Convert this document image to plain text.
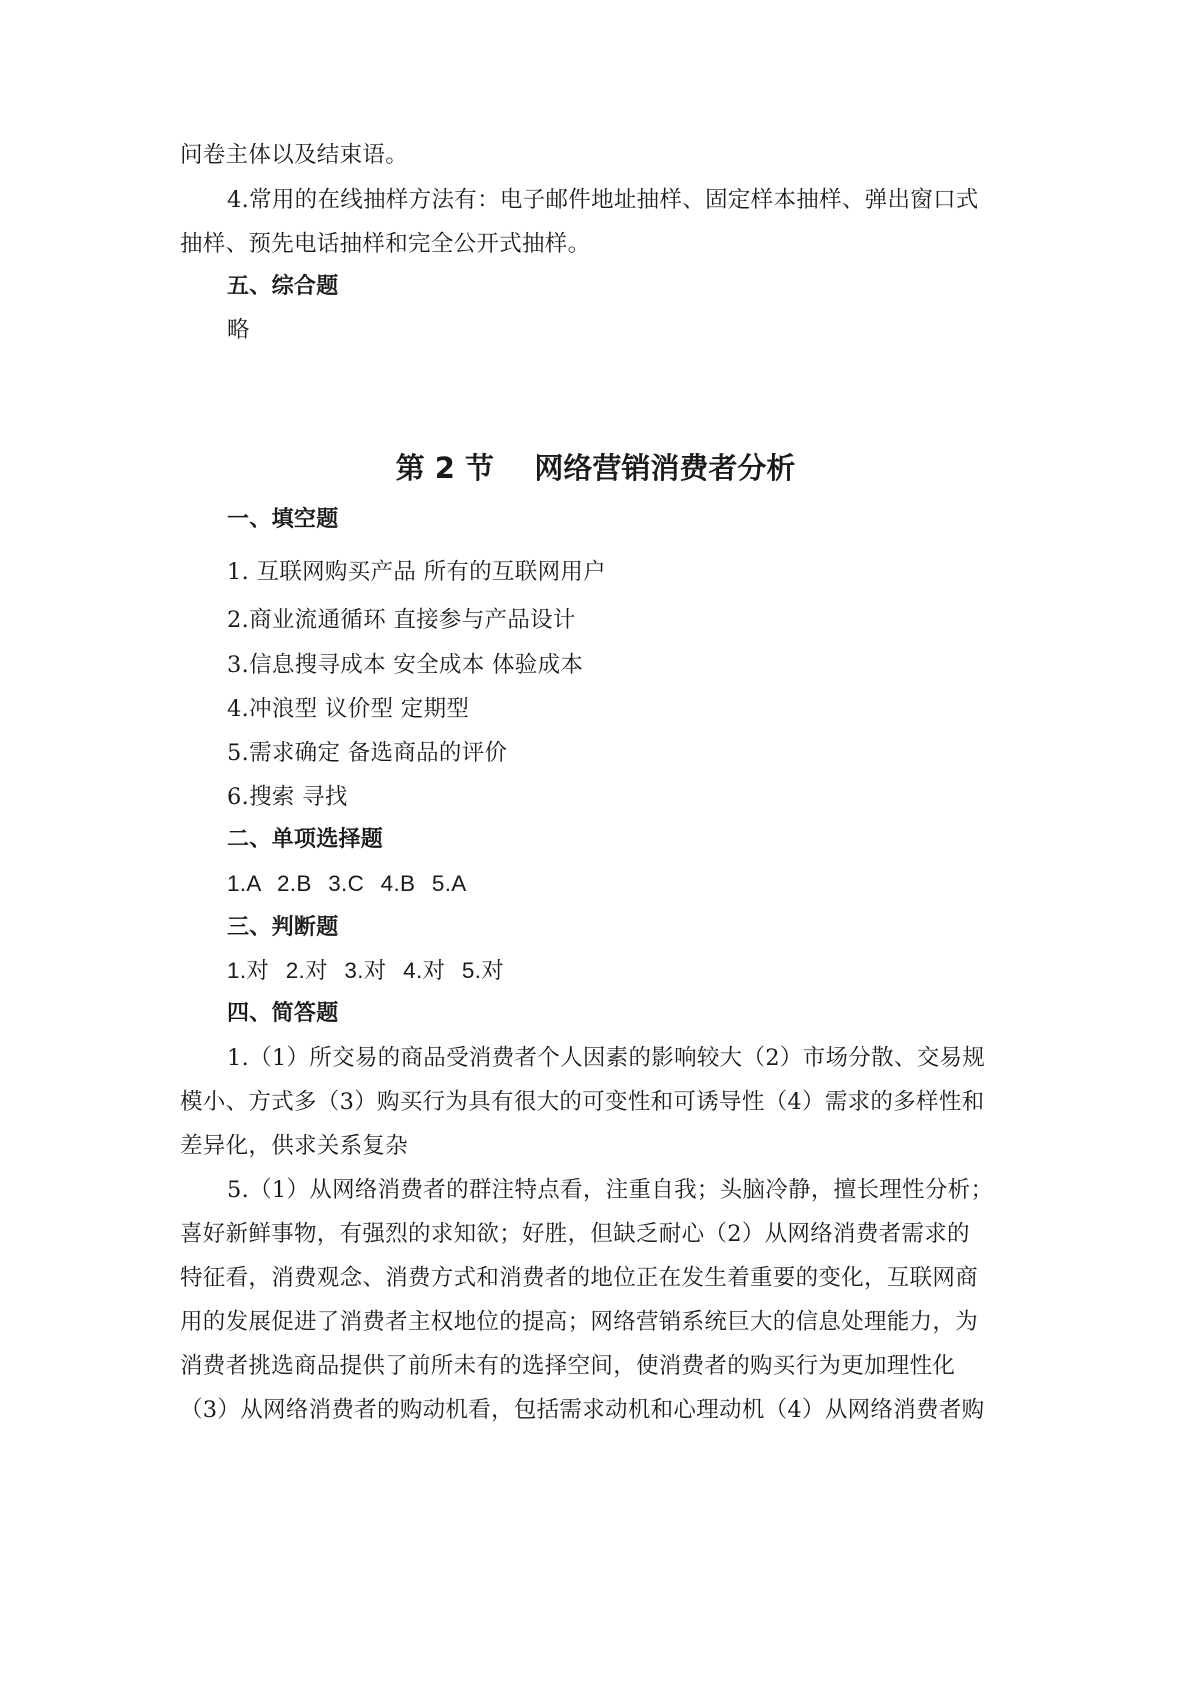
问卷主体以及结束语。
4.常用的在线抽样方法有：电子邮件地址抽样、固定样本抽样、弹出窗口式
抽样、预先电话抽样和完全公开式抽样。
五、综合题
略
第 2 节    网络营销消费者分析
一、填空题
1. 互联网购买产品 所有的互联网用户
2.商业流通循环 直接参与产品设计
3.信息搜寻成本 安全成本 体验成本
4.冲浪型 议价型 定期型
5.需求确定 备选商品的评价
6.搜索 寻找
二、单项选择题
1.A 2.B 3.C 4.B 5.A
三、判断题
1.对 2.对 3.对 4.对 5.对
四、简答题
1.（1）所交易的商品受消费者个人因素的影响较大（2）市场分散、交易规
模小、方式多（3）购买行为具有很大的可变性和可诱导性（4）需求的多样性和
差异化，供求关系复杂
5.（1）从网络消费者的群注特点看，注重自我；头脑冷静，擅长理性分析；
喜好新鲜事物，有强烈的求知欲；好胜，但缺乏耐心（2）从网络消费者需求的
特征看，消费观念、消费方式和消费者的地位正在发生着重要的变化，互联网商
用的发展促进了消费者主权地位的提高；网络营销系统巨大的信息处理能力，为
消费者挑选商品提供了前所未有的选择空间，使消费者的购买行为更加理性化
（3）从网络消费者的购动机看，包括需求动机和心理动机（4）从网络消费者购
